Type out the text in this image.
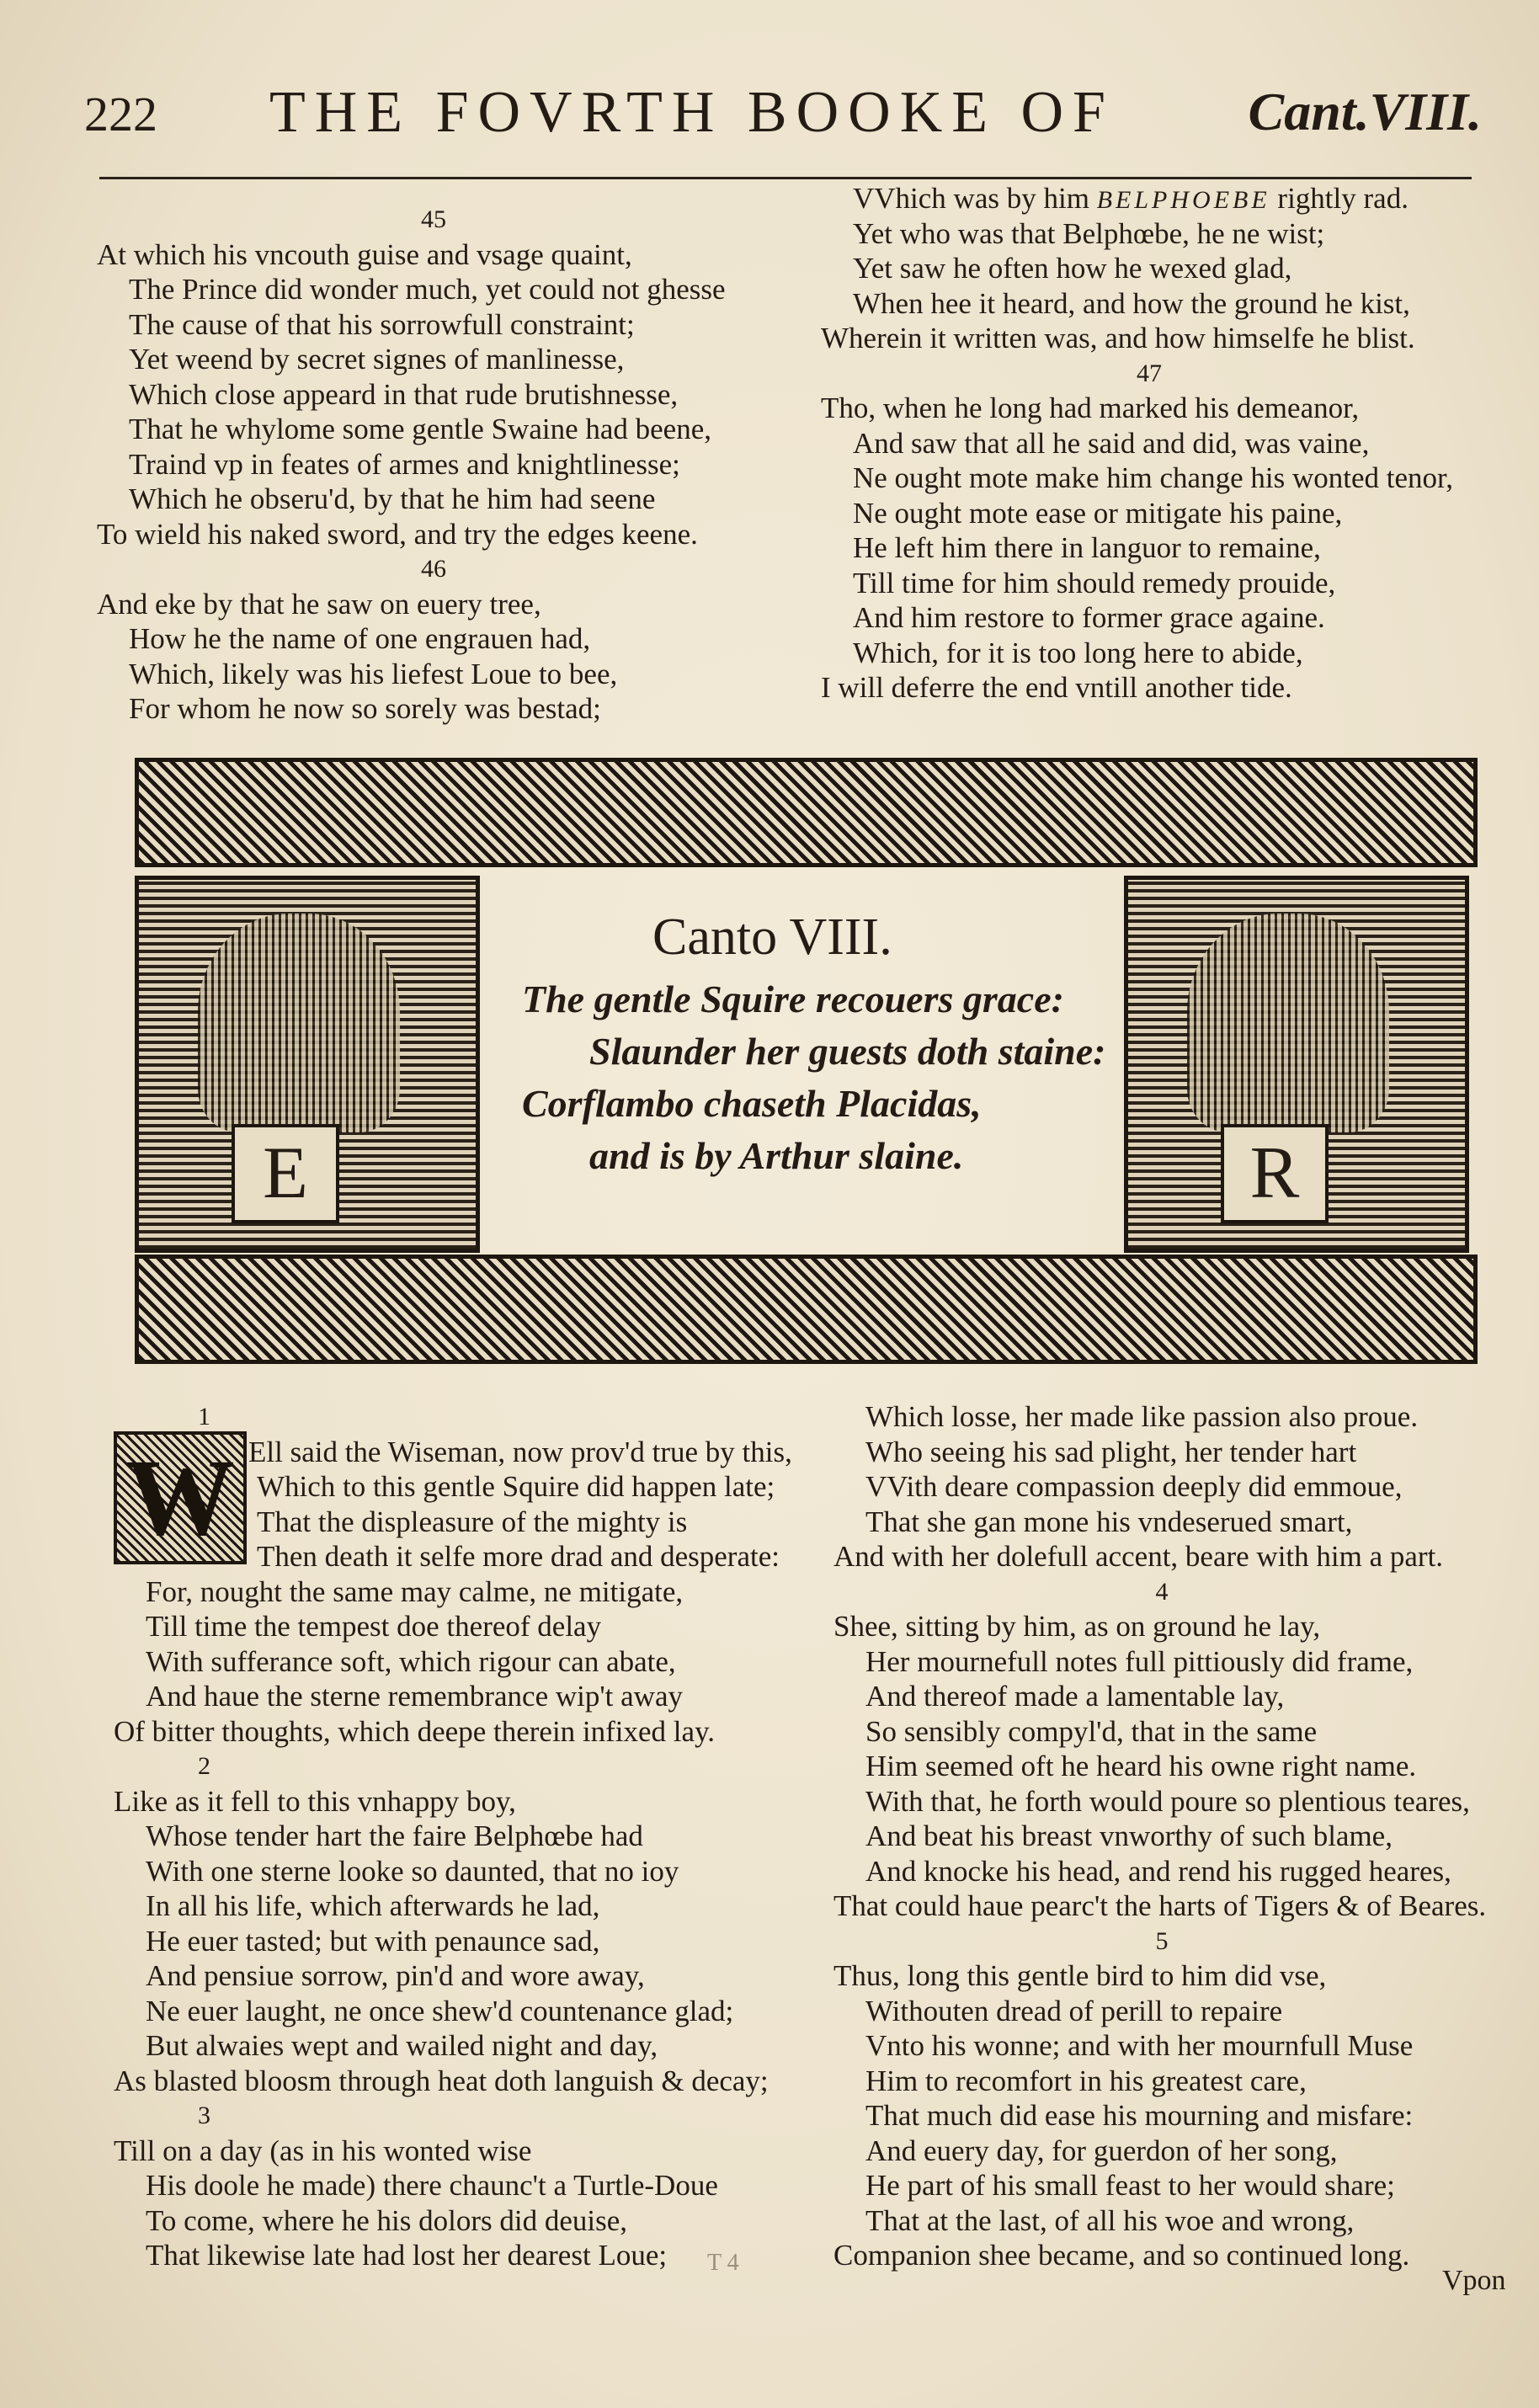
222 THE FOVRTH BOOKE OF Cant.VIII.
45
At which his vncouth guise and vsage quaint,
The Prince did wonder much, yet could not ghesse
The cause of that his sorrowfull constraint;
Yet weend by secret signes of manlinesse,
Which close appeard in that rude brutishnesse,
That he whylome some gentle Swaine had beene,
Traind vp in feates of armes and knightlinesse;
Which he obseru'd, by that he him had seene
To wield his naked sword, and try the edges keene.
46
And eke by that he saw on euery tree,
How he the name of one engrauen had,
Which, likely was his liefest Loue to bee,
For whom he now so sorely was bestad;
VVhich was by him BELPHOEBE rightly rad.
Yet who was that Belphœbe, he ne wist;
Yet saw he often how he wexed glad,
When hee it heard, and how the ground he kist,
Wherein it written was, and how himselfe he blist.
47
Tho, when he long had marked his demeanor,
And saw that all he said and did, was vaine,
Ne ought mote make him change his wonted tenor,
Ne ought mote ease or mitigate his paine,
He left him there in languor to remaine,
Till time for him should remedy prouide,
And him restore to former grace againe.
Which, for it is too long here to abide,
I will deferre the end vntill another tide.
E
Canto VIII.
The gentle Squire recouers grace:
Slaunder her guests doth staine:
Corflambo chaseth Placidas,
and is by Arthur slaine.	R
W
1
Ell said the Wiseman, now prov'd true by this,
Which to this gentle Squire did happen late;
That the displeasure of the mighty is
Then death it selfe more drad and desperate:
For, nought the same may calme, ne mitigate,
Till time the tempest doe thereof delay
With sufferance soft, which rigour can abate,
And haue the sterne remembrance wip't away
Of bitter thoughts, which deepe therein infixed lay.
2
Like as it fell to this vnhappy boy,
Whose tender hart the faire Belphœbe had
With one sterne looke so daunted, that no ioy
In all his life, which afterwards he lad,
He euer tasted; but with penaunce sad,
And pensiue sorrow, pin'd and wore away,
Ne euer laught, ne once shew'd countenance glad;
But alwaies wept and wailed night and day,
As blasted bloosm through heat doth languish & decay;
3
Till on a day (as in his wonted wise
His doole he made) there chaunc't a Turtle-Doue
To come, where he his dolors did deuise,
That likewise late had lost her dearest Loue;
Which losse, her made like passion also proue.
Who seeing his sad plight, her tender hart
VVith deare compassion deeply did emmoue,
That she gan mone his vndeserued smart,
And with her dolefull accent, beare with him a part.
4
Shee, sitting by him, as on ground he lay,
Her mournefull notes full pittiously did frame,
And thereof made a lamentable lay,
So sensibly compyl'd, that in the same
Him seemed oft he heard his owne right name.
With that, he forth would poure so plentious teares,
And beat his breast vnworthy of such blame,
And knocke his head, and rend his rugged heares,
That could haue pearc't the harts of Tigers & of Beares.
5
Thus, long this gentle bird to him did vse,
Withouten dread of perill to repaire
Vnto his wonne; and with her mournfull Muse
Him to recomfort in his greatest care,
That much did ease his mourning and misfare:
And euery day, for guerdon of her song,
He part of his small feast to her would share;
That at the last, of all his woe and wrong,
Companion shee became, and so continued long.
T 4
Vpon
